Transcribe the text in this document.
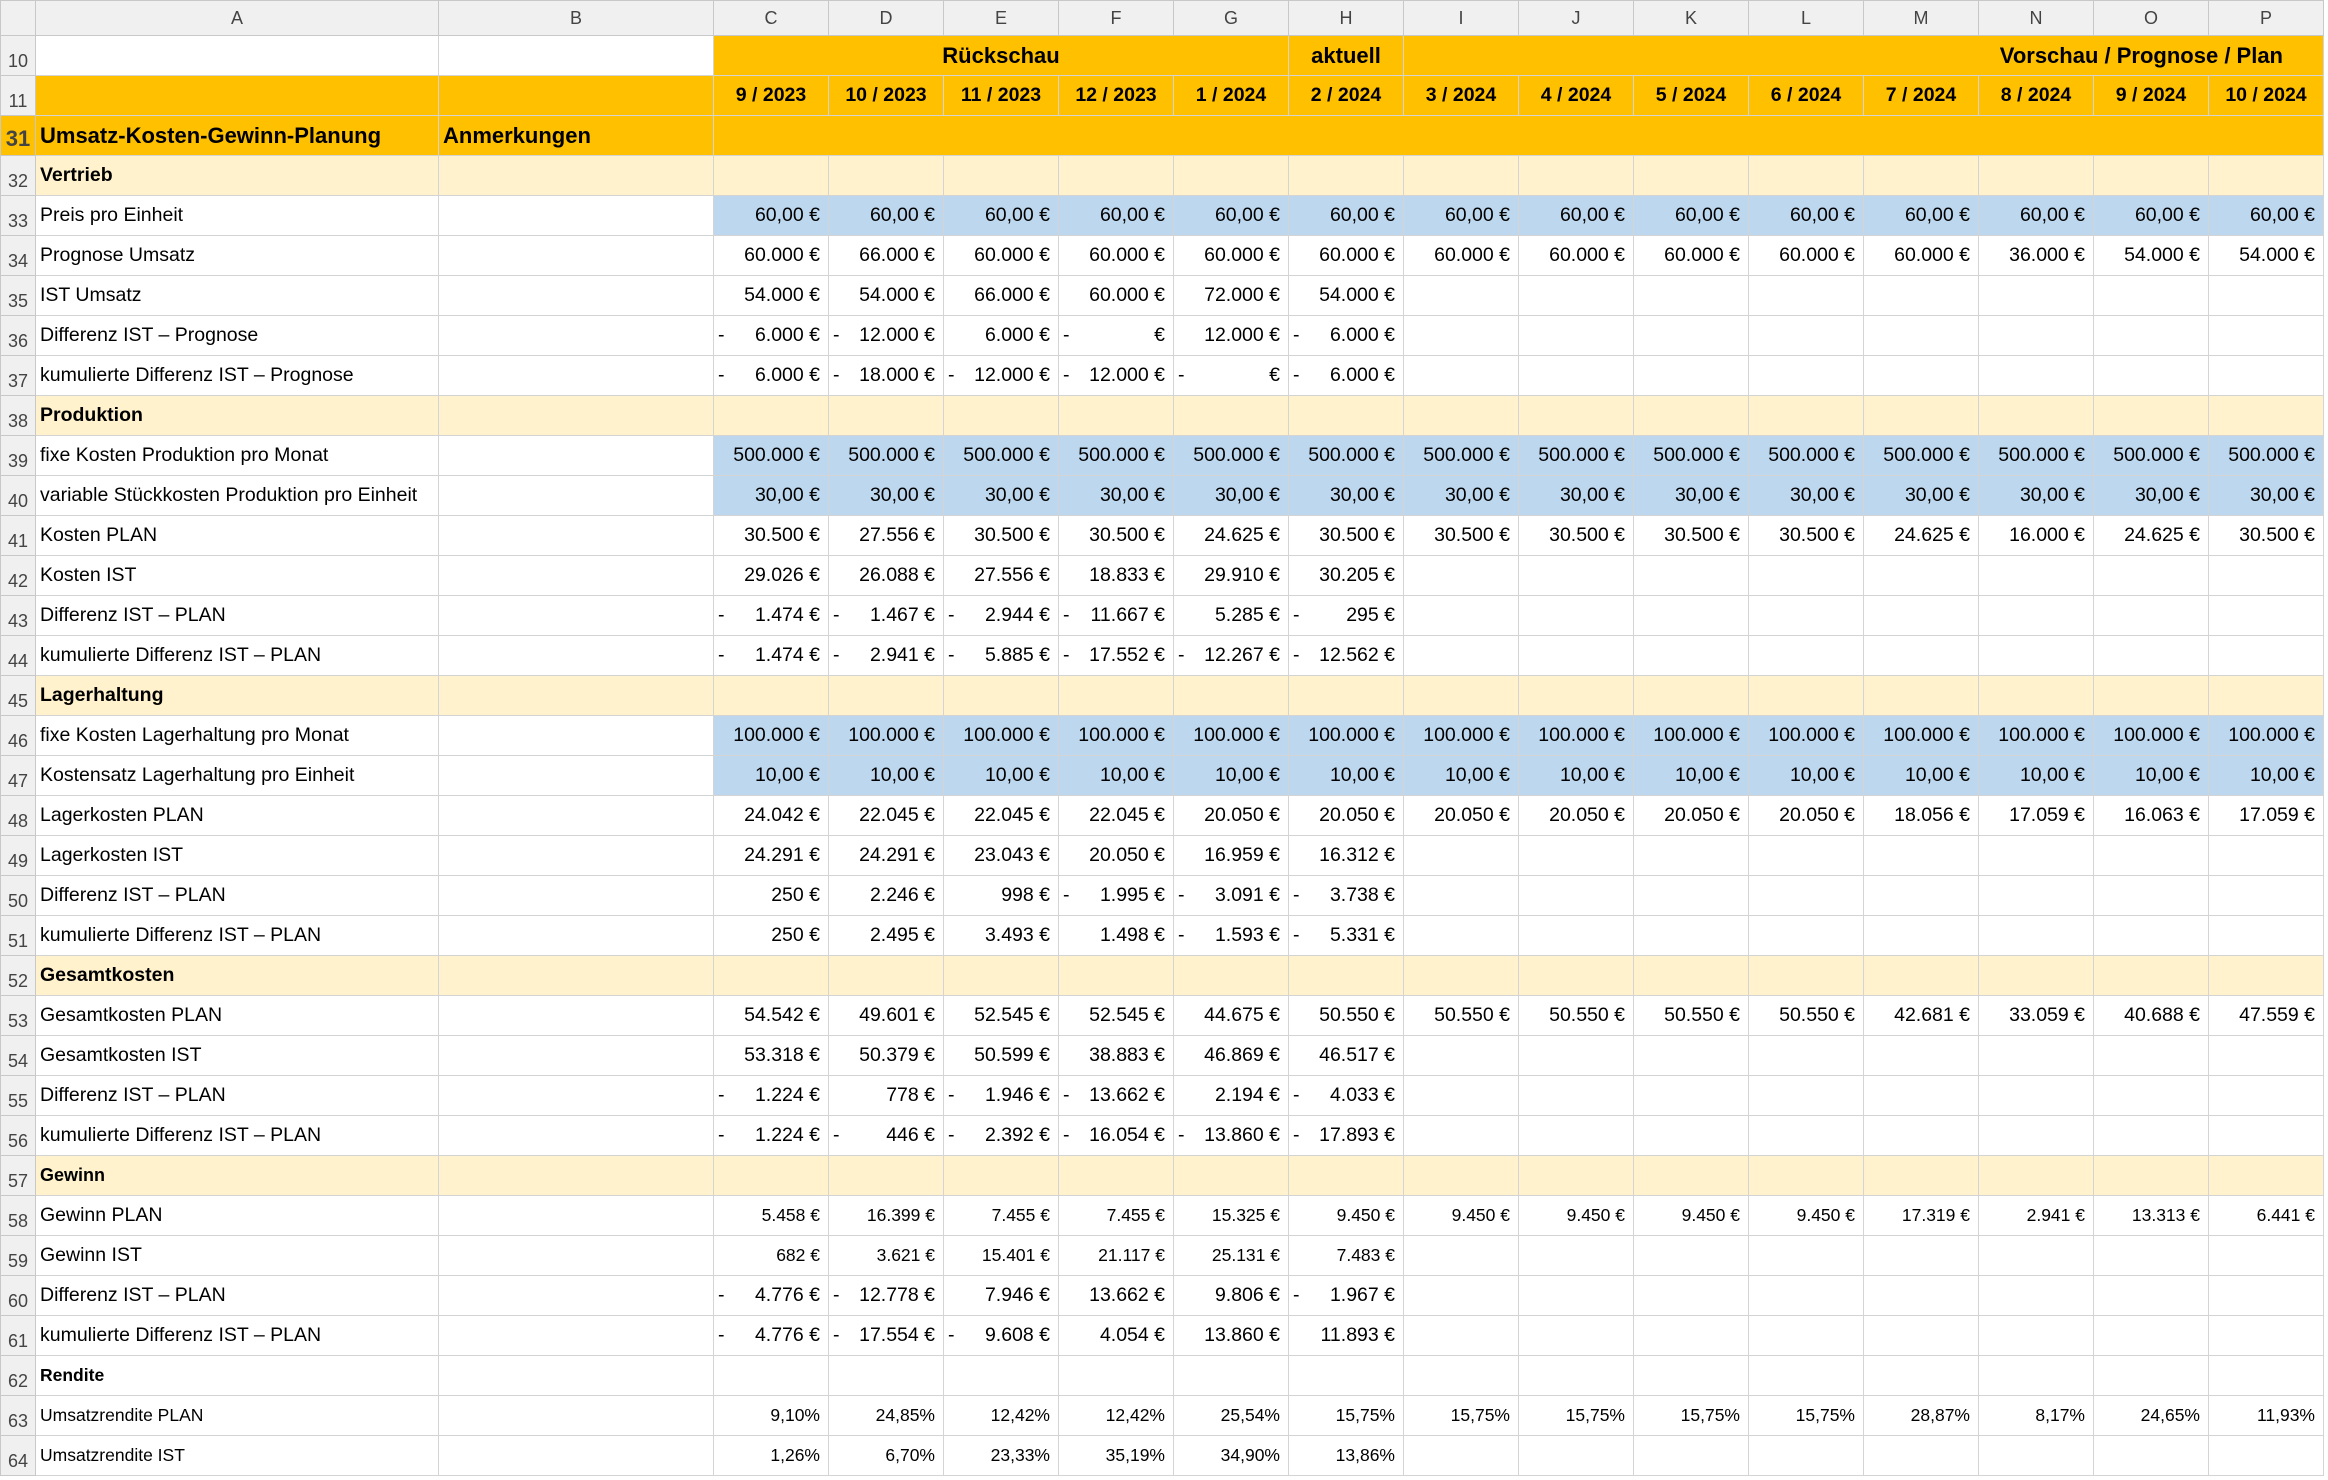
	A	B	C	D	E	F	G	H	I	J	K	L	M	N	O	P
10			Rückschau					aktuell	Vorschau / Prognose / Plan							
11			9 / 2023	10 / 2023	11 / 2023	12 / 2023	1 / 2024	2 / 2024	3 / 2024	4 / 2024	5 / 2024	6 / 2024	7 / 2024	8 / 2024	9 / 2024	10 / 2024
31	Umsatz-Kosten-Gewinn-Planung	Anmerkungen														
32	Vertrieb															
33	Preis pro Einheit		60,00 €	60,00 €	60,00 €	60,00 €	60,00 €	60,00 €	60,00 €	60,00 €	60,00 €	60,00 €	60,00 €	60,00 €	60,00 €	60,00 €
34	Prognose Umsatz		60.000 €	66.000 €	60.000 €	60.000 €	60.000 €	60.000 €	60.000 €	60.000 €	60.000 €	60.000 €	60.000 €	36.000 €	54.000 €	54.000 €
35	IST Umsatz		54.000 €	54.000 €	66.000 €	60.000 €	72.000 €	54.000 €								
36	Differenz IST – Prognose		- 6.000 €	- 12.000 €	6.000 €	- €	12.000 €	- 6.000 €								
37	kumulierte Differenz IST – Prognose		- 6.000 €	- 18.000 €	- 12.000 €	- 12.000 €	- €	- 6.000 €								
38	Produktion															
39	fixe Kosten Produktion pro Monat		500.000 €	500.000 €	500.000 €	500.000 €	500.000 €	500.000 €	500.000 €	500.000 €	500.000 €	500.000 €	500.000 €	500.000 €	500.000 €	500.000 €
40	variable Stückkosten Produktion pro Einheit		30,00 €	30,00 €	30,00 €	30,00 €	30,00 €	30,00 €	30,00 €	30,00 €	30,00 €	30,00 €	30,00 €	30,00 €	30,00 €	30,00 €
41	Kosten PLAN		30.500 €	27.556 €	30.500 €	30.500 €	24.625 €	30.500 €	30.500 €	30.500 €	30.500 €	30.500 €	24.625 €	16.000 €	24.625 €	30.500 €
42	Kosten IST		29.026 €	26.088 €	27.556 €	18.833 €	29.910 €	30.205 €								
43	Differenz IST – PLAN		- 1.474 €	- 1.467 €	- 2.944 €	- 11.667 €	5.285 €	- 295 €								
44	kumulierte Differenz IST – PLAN		- 1.474 €	- 2.941 €	- 5.885 €	- 17.552 €	- 12.267 €	- 12.562 €								
45	Lagerhaltung															
46	fixe Kosten Lagerhaltung pro Monat		100.000 €	100.000 €	100.000 €	100.000 €	100.000 €	100.000 €	100.000 €	100.000 €	100.000 €	100.000 €	100.000 €	100.000 €	100.000 €	100.000 €
47	Kostensatz Lagerhaltung pro Einheit		10,00 €	10,00 €	10,00 €	10,00 €	10,00 €	10,00 €	10,00 €	10,00 €	10,00 €	10,00 €	10,00 €	10,00 €	10,00 €	10,00 €
48	Lagerkosten PLAN		24.042 €	22.045 €	22.045 €	22.045 €	20.050 €	20.050 €	20.050 €	20.050 €	20.050 €	20.050 €	18.056 €	17.059 €	16.063 €	17.059 €
49	Lagerkosten IST		24.291 €	24.291 €	23.043 €	20.050 €	16.959 €	16.312 €								
50	Differenz IST – PLAN		250 €	2.246 €	998 €	- 1.995 €	- 3.091 €	- 3.738 €								
51	kumulierte Differenz IST – PLAN		250 €	2.495 €	3.493 €	1.498 €	- 1.593 €	- 5.331 €								
52	Gesamtkosten															
53	Gesamtkosten PLAN		54.542 €	49.601 €	52.545 €	52.545 €	44.675 €	50.550 €	50.550 €	50.550 €	50.550 €	50.550 €	42.681 €	33.059 €	40.688 €	47.559 €
54	Gesamtkosten IST		53.318 €	50.379 €	50.599 €	38.883 €	46.869 €	46.517 €								
55	Differenz IST – PLAN		- 1.224 €	778 €	- 1.946 €	- 13.662 €	2.194 €	- 4.033 €								
56	kumulierte Differenz IST – PLAN		- 1.224 €	- 446 €	- 2.392 €	- 16.054 €	- 13.860 €	- 17.893 €								
57	Gewinn															
58	Gewinn PLAN		5.458 €	16.399 €	7.455 €	7.455 €	15.325 €	9.450 €	9.450 €	9.450 €	9.450 €	9.450 €	17.319 €	2.941 €	13.313 €	6.441 €
59	Gewinn IST		682 €	3.621 €	15.401 €	21.117 €	25.131 €	7.483 €								
60	Differenz IST – PLAN		- 4.776 €	- 12.778 €	7.946 €	13.662 €	9.806 €	- 1.967 €								
61	kumulierte Differenz IST – PLAN		- 4.776 €	- 17.554 €	- 9.608 €	4.054 €	13.860 €	11.893 €								
62	Rendite															
63	Umsatzrendite PLAN		9,10%	24,85%	12,42%	12,42%	25,54%	15,75%	15,75%	15,75%	15,75%	15,75%	28,87%	8,17%	24,65%	11,93%
64	Umsatzrendite IST		1,26%	6,70%	23,33%	35,19%	34,90%	13,86%								
